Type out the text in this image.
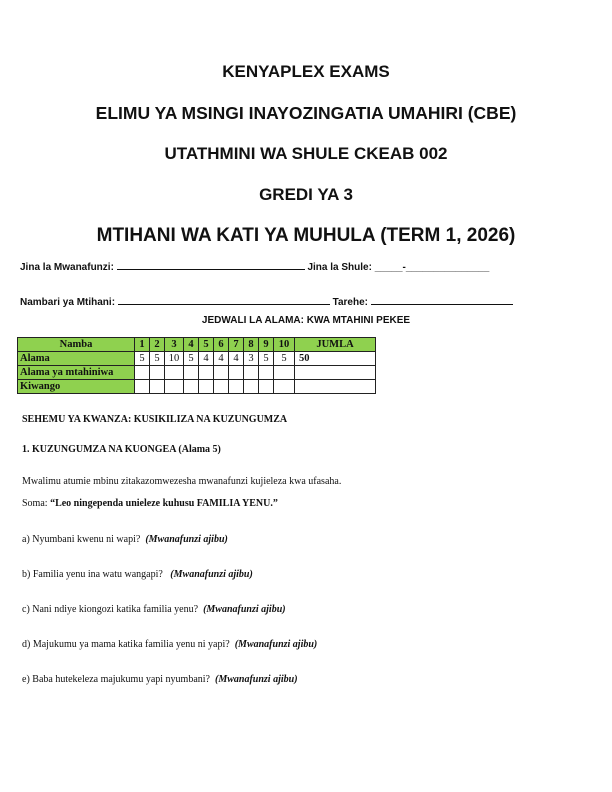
KENYAPLEX EXAMS
ELIMU YA MSINGI INAYOZINGATIA UMAHIRI (CBE)
UTATHMINI WA SHULE CKEAB 002
GREDI YA 3
MTIHANI WA KATI YA MUHULA (TERM 1, 2026)
Jina la Mwanafunzi:	Jina la Shule: _____-_______________
Nambari ya Mtihani:	Tarehe:
JEDWALI LA ALAMA: KWA MTAHINI PEKEE
Namba	1	2	3	4	5	6	7	8	9	10	JUMLA
Alama	5	5	10	5	4	4	4	3	5	5	50
Alama ya mtahiniwa											
Kiwango											
SEHEMU YA KWANZA: KUSIKILIZA NA KUZUNGUMZA
1. KUZUNGUMZA NA KUONGEA (Alama 5)
Mwalimu atumie mbinu zitakazomwezesha mwanafunzi kujieleza kwa ufasaha.
Soma: “Leo ningependa unieleze kuhusu FAMILIA YENU.”
a) Nyumbani kwenu ni wapi? (Mwanafunzi ajibu)
b) Familia yenu ina watu wangapi? (Mwanafunzi ajibu)
c) Nani ndiye kiongozi katika familia yenu? (Mwanafunzi ajibu)
d) Majukumu ya mama katika familia yenu ni yapi? (Mwanafunzi ajibu)
e) Baba hutekeleza majukumu yapi nyumbani? (Mwanafunzi ajibu)
